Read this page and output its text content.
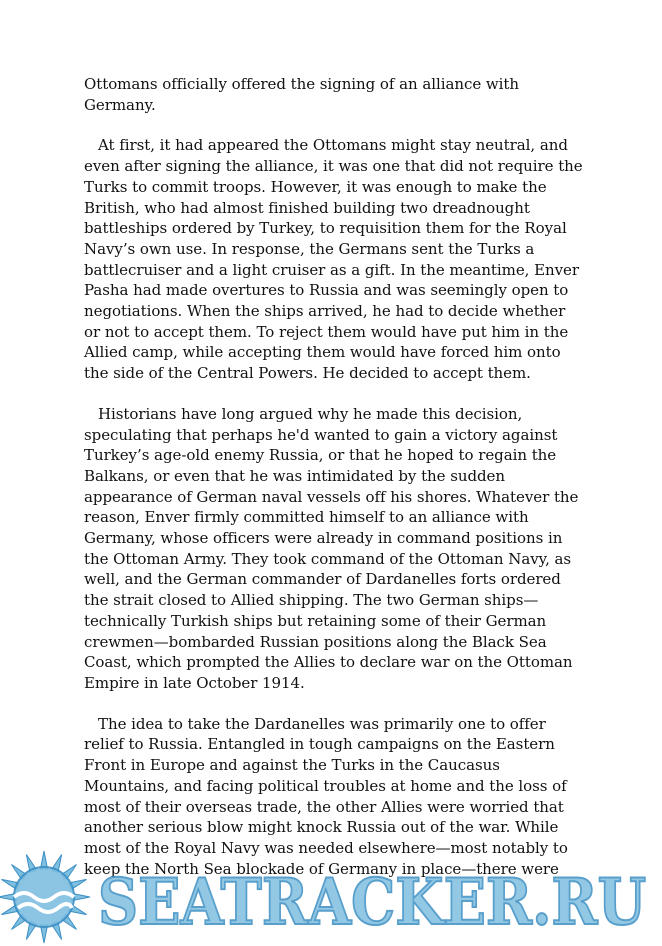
Ottomans officially offered the signing of an alliance with Germany.

At first, it had appeared the Ottomans might stay neutral, and even after signing the alliance, it was one that did not require the Turks to commit troops. However, it was enough to make the British, who had almost finished building two dreadnought battleships ordered by Turkey, to requisition them for the Royal Navy’s own use. In response, the Germans sent the Turks a battlecruiser and a light cruiser as a gift. In the meantime, Enver Pasha had made overtures to Russia and was seemingly open to negotiations. When the ships arrived, he had to decide whether or not to accept them. To reject them would have put him in the Allied camp, while accepting them would have forced him onto the side of the Central Powers. He decided to accept them.

Historians have long argued why he made this decision, speculating that perhaps he'd wanted to gain a victory against Turkey’s age-old enemy Russia, or that he hoped to regain the Balkans, or even that he was intimidated by the sudden appearance of German naval vessels off his shores. Whatever the reason, Enver firmly committed himself to an alliance with Germany, whose officers were already in command positions in the Ottoman Army. They took command of the Ottoman Navy, as well, and the German commander of Dardanelles forts ordered the strait closed to Allied shipping. The two German ships—technically Turkish ships but retaining some of their German crewmen—bombarded Russian positions along the Black Sea Coast, which prompted the Allies to declare war on the Ottoman Empire in late October 1914.

The idea to take the Dardanelles was primarily one to offer relief to Russia. Entangled in tough campaigns on the Eastern Front in Europe and against the Turks in the Caucasus Mountains, and facing political troubles at home and the loss of most of their overseas trade, the other Allies were worried that another serious blow might knock Russia out of the war. While most of the Royal Navy was needed elsewhere—most notably to keep the North Sea blockade of Germany in place—there were

SEATRACKER.RU
